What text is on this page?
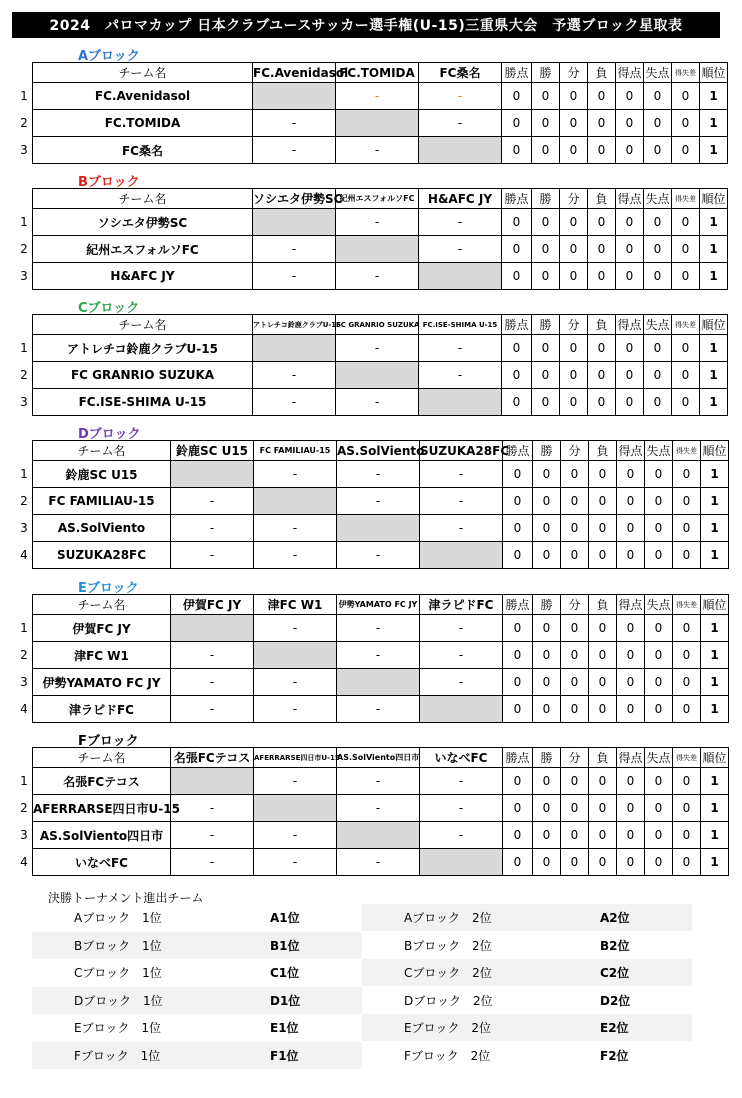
2024　パロマカップ 日本クラブユースサッカー選手権(U-15)三重県大会　予選ブロック星取表
Aブロック
1
2
3
チーム名	FC.Avenidasol	FC.TOMIDA	FC桑名	勝点	勝	分	負	得点	失点	得失差	順位
FC.Avenidasol		-	-	0	0	0	0	0	0	0	1
FC.TOMIDA	-		-	0	0	0	0	0	0	0	1
FC桑名	-	-		0	0	0	0	0	0	0	1
Bブロック
1
2
3
チーム名	ソシエタ伊勢SC	紀州エスフォルソFC	H&AFC JY	勝点	勝	分	負	得点	失点	得失差	順位
ソシエタ伊勢SC		-	-	0	0	0	0	0	0	0	1
紀州エスフォルソFC	-		-	0	0	0	0	0	0	0	1
H&AFC JY	-	-		0	0	0	0	0	0	0	1
Cブロック
1
2
3
チーム名	アトレチコ鈴鹿クラブU-15	FC GRANRIO SUZUKA	FC.ISE-SHIMA U-15	勝点	勝	分	負	得点	失点	得失差	順位
アトレチコ鈴鹿クラブU-15		-	-	0	0	0	0	0	0	0	1
FC GRANRIO SUZUKA	-		-	0	0	0	0	0	0	0	1
FC.ISE-SHIMA U-15	-	-		0	0	0	0	0	0	0	1
Dブロック
1
2
3
4
チーム名	鈴鹿SC U15	FC FAMILIAU-15	AS.SolViento	SUZUKA28FC	勝点	勝	分	負	得点	失点	得失差	順位
鈴鹿SC U15		-	-	-	0	0	0	0	0	0	0	1
FC FAMILIAU-15	-		-	-	0	0	0	0	0	0	0	1
AS.SolViento	-	-		-	0	0	0	0	0	0	0	1
SUZUKA28FC	-	-	-		0	0	0	0	0	0	0	1
Eブロック
1
2
3
4
チーム名	伊賀FC JY	津FC W1	伊勢YAMATO FC JY	津ラピドFC	勝点	勝	分	負	得点	失点	得失差	順位
伊賀FC JY		-	-	-	0	0	0	0	0	0	0	1
津FC W1	-		-	-	0	0	0	0	0	0	0	1
伊勢YAMATO FC JY	-	-		-	0	0	0	0	0	0	0	1
津ラピドFC	-	-	-		0	0	0	0	0	0	0	1
Fブロック
1
2
3
4
チーム名	名張FCテコス	AFERRARSE四日市U-15	AS.SolViento四日市	いなべFC	勝点	勝	分	負	得点	失点	得失差	順位
名張FCテコス		-	-	-	0	0	0	0	0	0	0	1
AFERRARSE四日市U-15	-		-	-	0	0	0	0	0	0	0	1
AS.SolViento四日市	-	-		-	0	0	0	0	0	0	0	1
いなべFC	-	-	-		0	0	0	0	0	0	0	1
決勝トーナメント進出チーム
Aブロック　1位	A1位	Aブロック　2位	A2位
Bブロック　1位	B1位	Bブロック　2位	B2位
Cブロック　1位	C1位	Cブロック　2位	C2位
Dブロック　1位	D1位	Dブロック　2位	D2位
Eブロック　1位	E1位	Eブロック　2位	E2位
Fブロック　1位	F1位	Fブロック　2位	F2位
